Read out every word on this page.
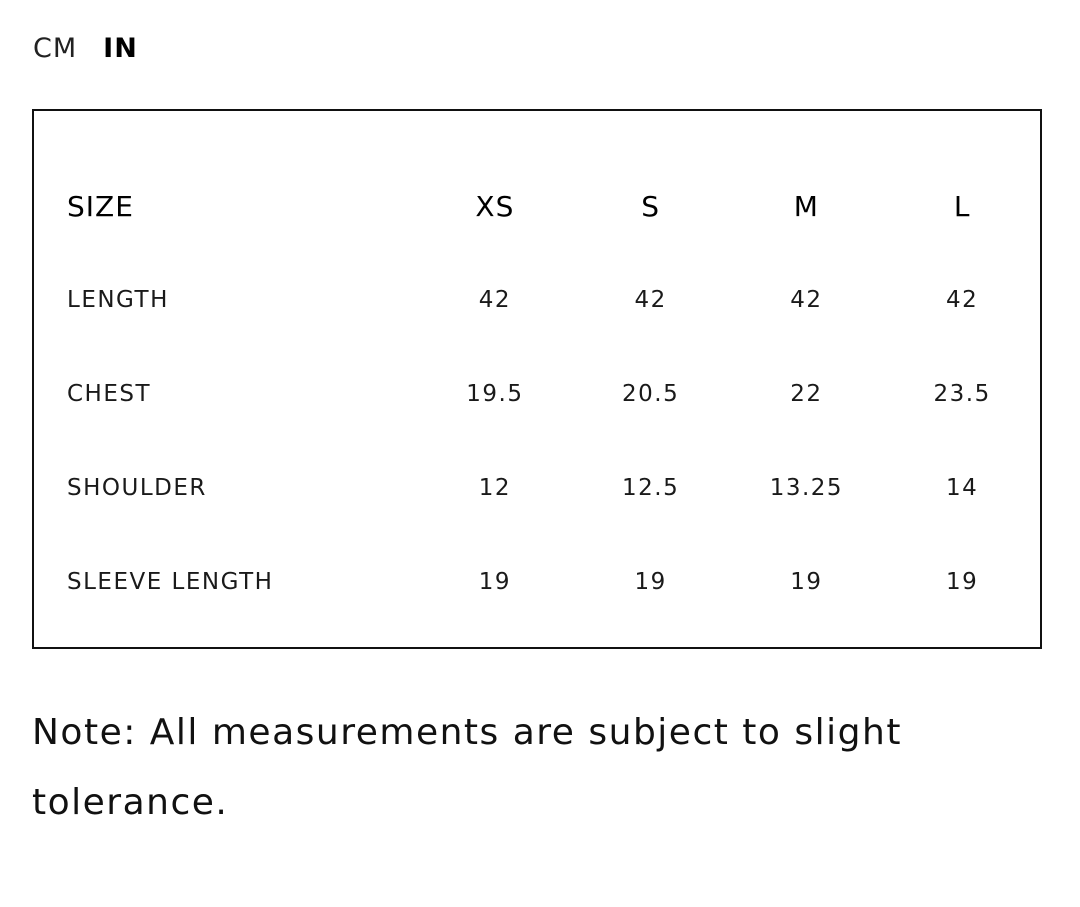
CM IN
SIZE	XS	S	M	L
LENGTH	42	42	42	42
CHEST	19.5	20.5	22	23.5
SHOULDER	12	12.5	13.25	14
SLEEVE LENGTH	19	19	19	19

Note: All measurements are subject to slight tolerance.
